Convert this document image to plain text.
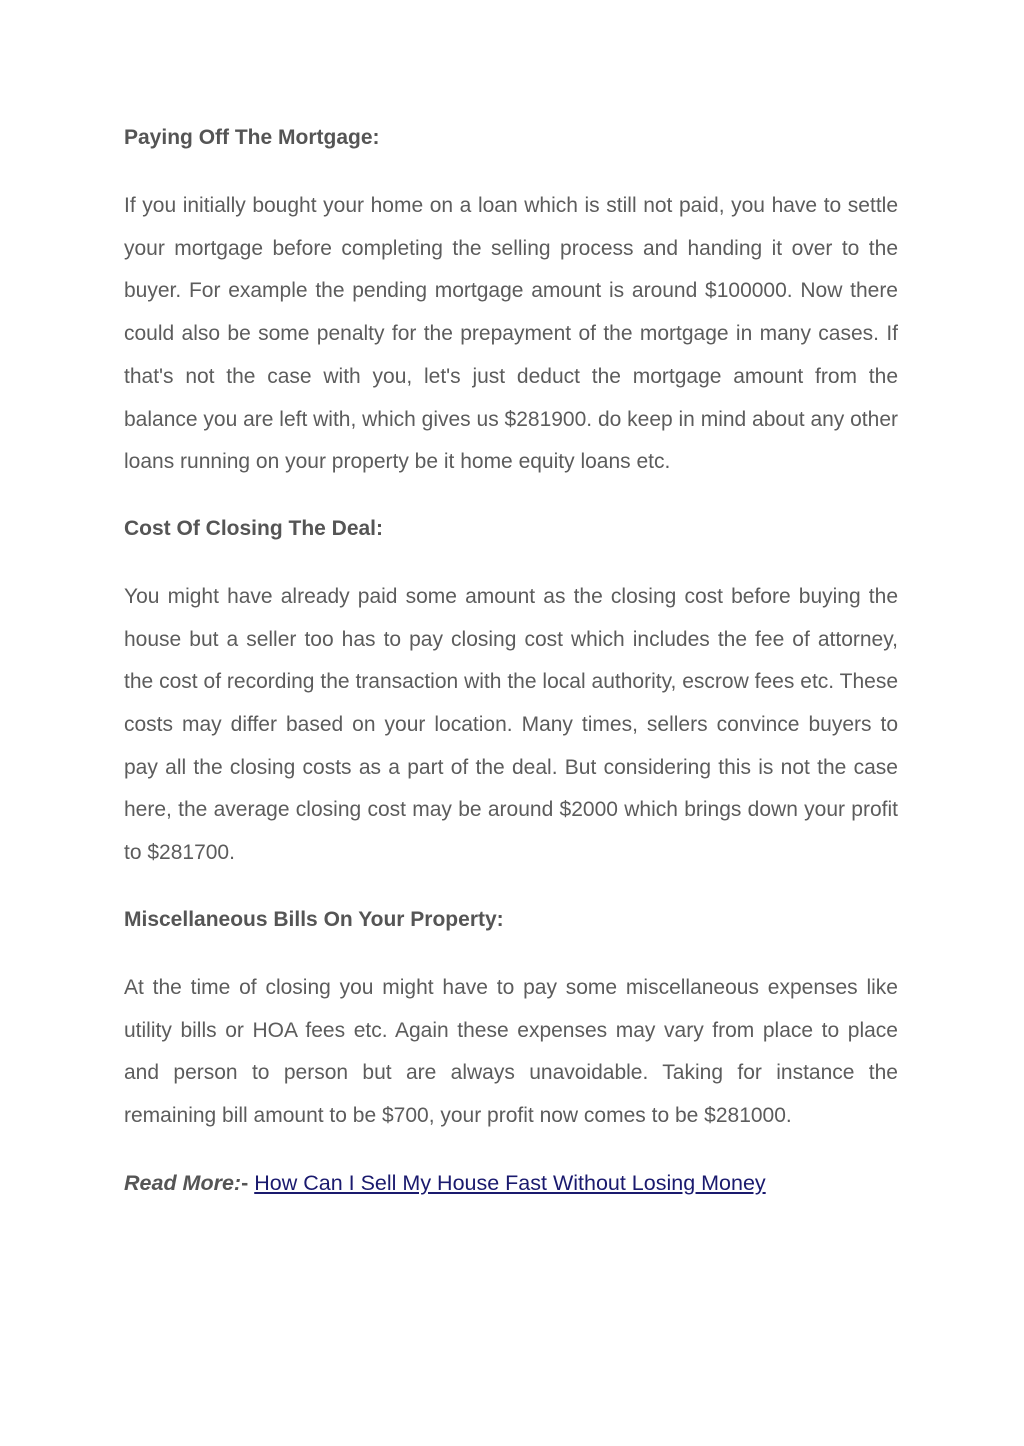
Paying Off The Mortgage:

If you initially bought your home on a loan which is still not paid, you have to settle your mortgage before completing the selling process and handing it over to the buyer. For example the pending mortgage amount is around $100000. Now there could also be some penalty for the prepayment of the mortgage in many cases. If that's not the case with you, let's just deduct the mortgage amount from the balance you are left with, which gives us $281900. do keep in mind about any other loans running on your property be it home equity loans etc.

Cost Of Closing The Deal:

You might have already paid some amount as the closing cost before buying the house but a seller too has to pay closing cost which includes the fee of attorney, the cost of recording the transaction with the local authority, escrow fees etc. These costs may differ based on your location. Many times, sellers convince buyers to pay all the closing costs as a part of the deal. But considering this is not the case here, the average closing cost may be around $2000 which brings down your profit to $281700.

Miscellaneous Bills On Your Property:

At the time of closing you might have to pay some miscellaneous expenses like utility bills or HOA fees etc. Again these expenses may vary from place to place and person to person but are always unavoidable. Taking for instance the remaining bill amount to be $700, your profit now comes to be $281000.

Read More:- How Can I Sell My House Fast Without Losing Money
